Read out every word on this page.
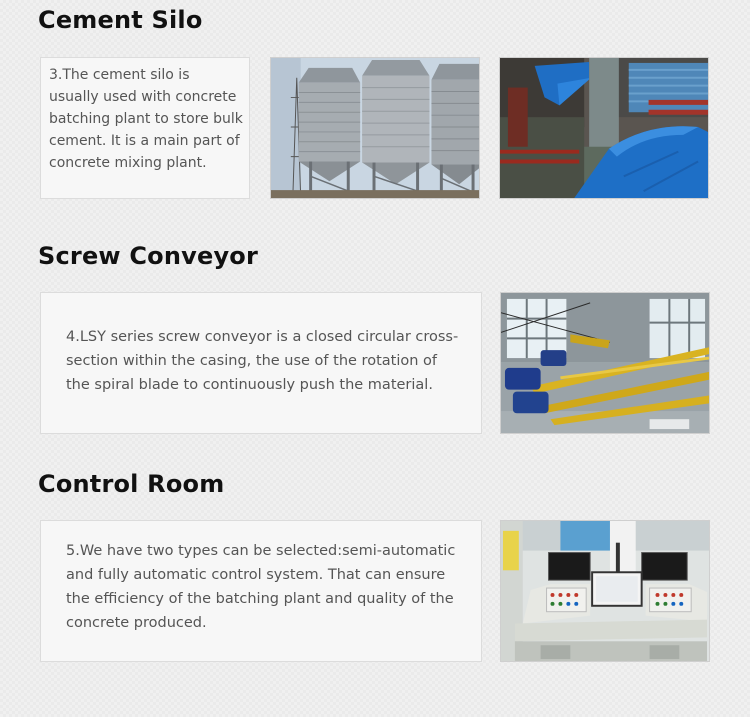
Cement Silo

3.The cement silo is usually used with concrete batching plant to store bulk cement. It is a main part of concrete mixing plant.

Screw Conveyor

4.LSY series screw conveyor is a closed circular cross-section within the casing, the use of the rotation of the spiral blade to continuously push the material.

Control Room

5.We have two types can be selected:semi-automatic and fully automatic control system. That can ensure the efficiency of the batching plant and quality of the concrete produced.
